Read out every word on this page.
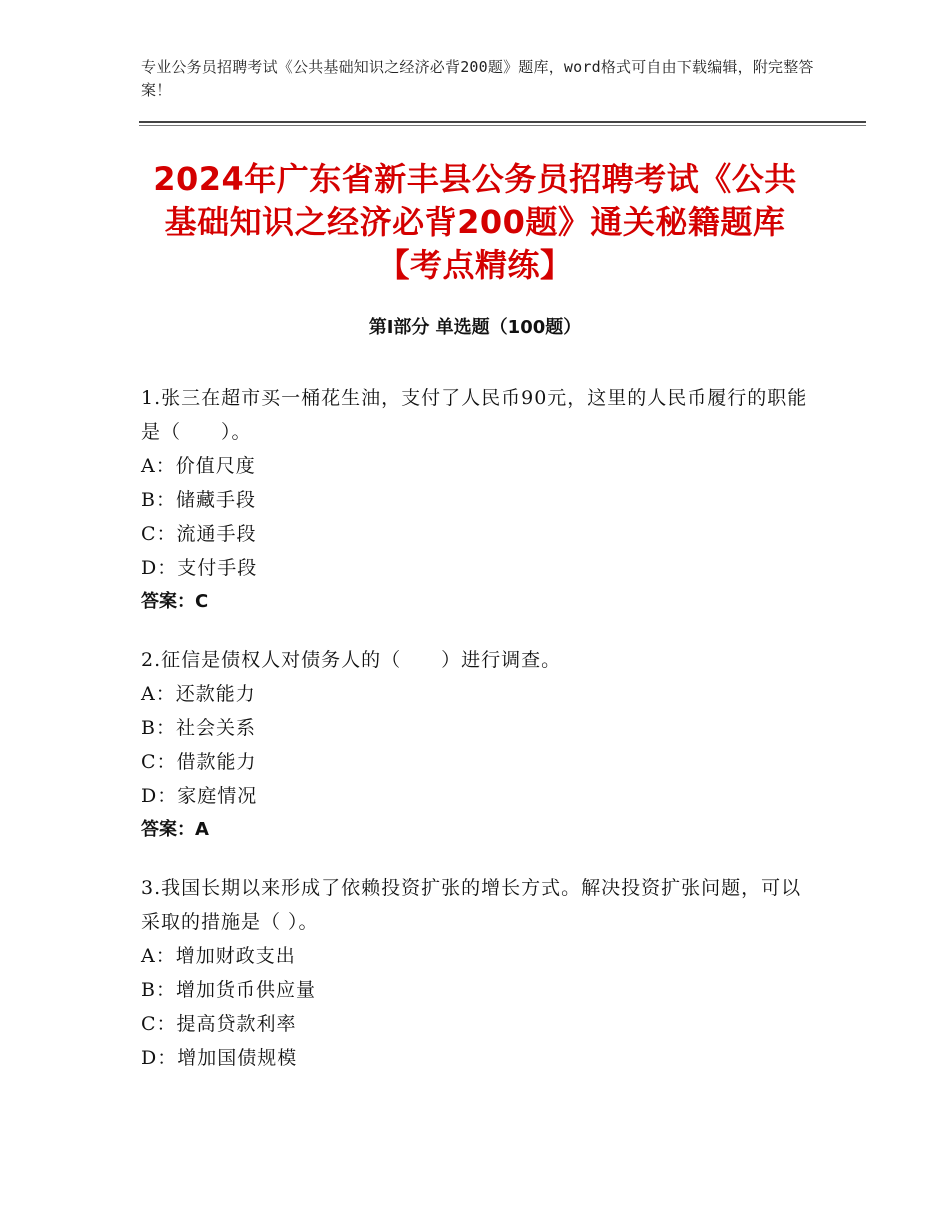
专业公务员招聘考试《公共基础知识之经济必背200题》题库，word格式可自由下载编辑，附完整答案！
2024年广东省新丰县公务员招聘考试《公共基础知识之经济必背200题》通关秘籍题库【考点精练】
第Ⅰ部分 单选题（100题）
1.张三在超市买一桶花生油，支付了人民币90元，这里的人民币履行的职能是（　　）。
A：价值尺度
B：储藏手段
C：流通手段
D：支付手段
答案：C
2.征信是债权人对债务人的（　　）进行调查。
A：还款能力
B：社会关系
C：借款能力
D：家庭情况
答案：A
3.我国长期以来形成了依赖投资扩张的增长方式。解决投资扩张问题，可以采取的措施是（ ）。
A：增加财政支出
B：增加货币供应量
C：提高贷款利率
D：增加国债规模
